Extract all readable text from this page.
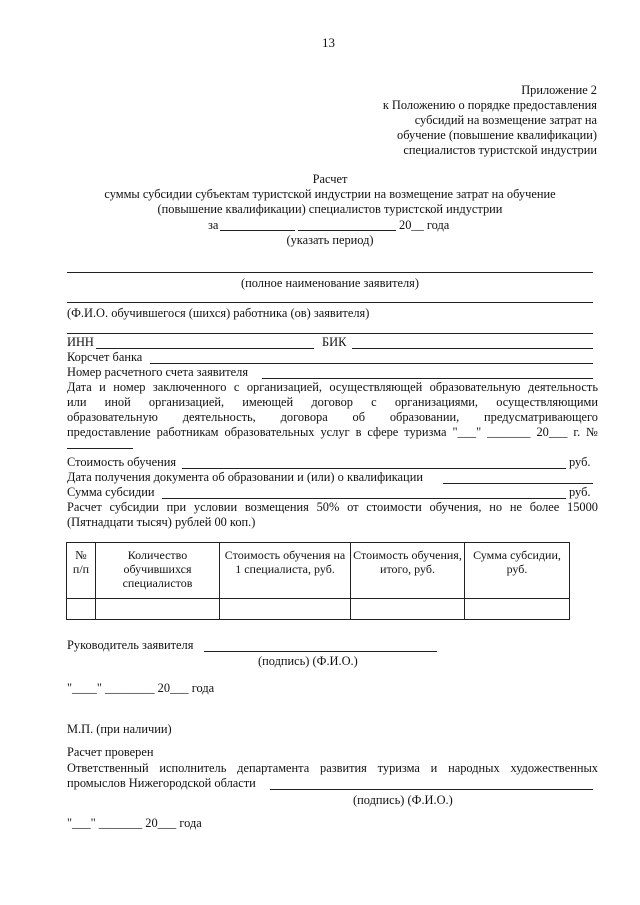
13
Приложение 2
к Положению о порядке предоставления
субсидий на возмещение затрат на
обучение (повышение квалификации)
специалистов туристской индустрии
Расчет
суммы субсидии субъектам туристской индустрии на возмещение затрат на обучение
(повышение квалификации) специалистов туристской индустрии
за	20__ года
(указать период)
(полное наименование заявителя)
(Ф.И.О. обучившегося (шихся) работника (ов) заявителя)
ИНН	БИК
Корсчет банка
Номер расчетного счета заявителя
Дата и номер заключенного с организацией, осуществляющей образовательную деятельность
или иной организацией, имеющей договор с организациями, осуществляющими
образовательную деятельность, договора об образовании, предусматривающего
предоставление работникам образовательных услуг в сфере туризма "___" _______ 20___ г. №
Стоимость обучения	руб.
Дата получения документа об образовании и (или) о квалификации
Сумма субсидии	руб.
Расчет субсидии при условии возмещения 50% от стоимости обучения, но не более 15000
(Пятнадцати тысяч) рублей 00 коп.)
№ п/п	Количество обучившихся специалистов	Стоимость обучения на 1 специалиста, руб.	Стоимость обучения, итого, руб.	Сумма субсидии, руб.

Руководитель заявителя
(подпись) (Ф.И.О.)
"____" ________ 20___ года
М.П. (при наличии)
Расчет проверен
Ответственный исполнитель департамента развития туризма и народных художественных
промыслов Нижегородской области
(подпись) (Ф.И.О.)
"___" _______ 20___ года
